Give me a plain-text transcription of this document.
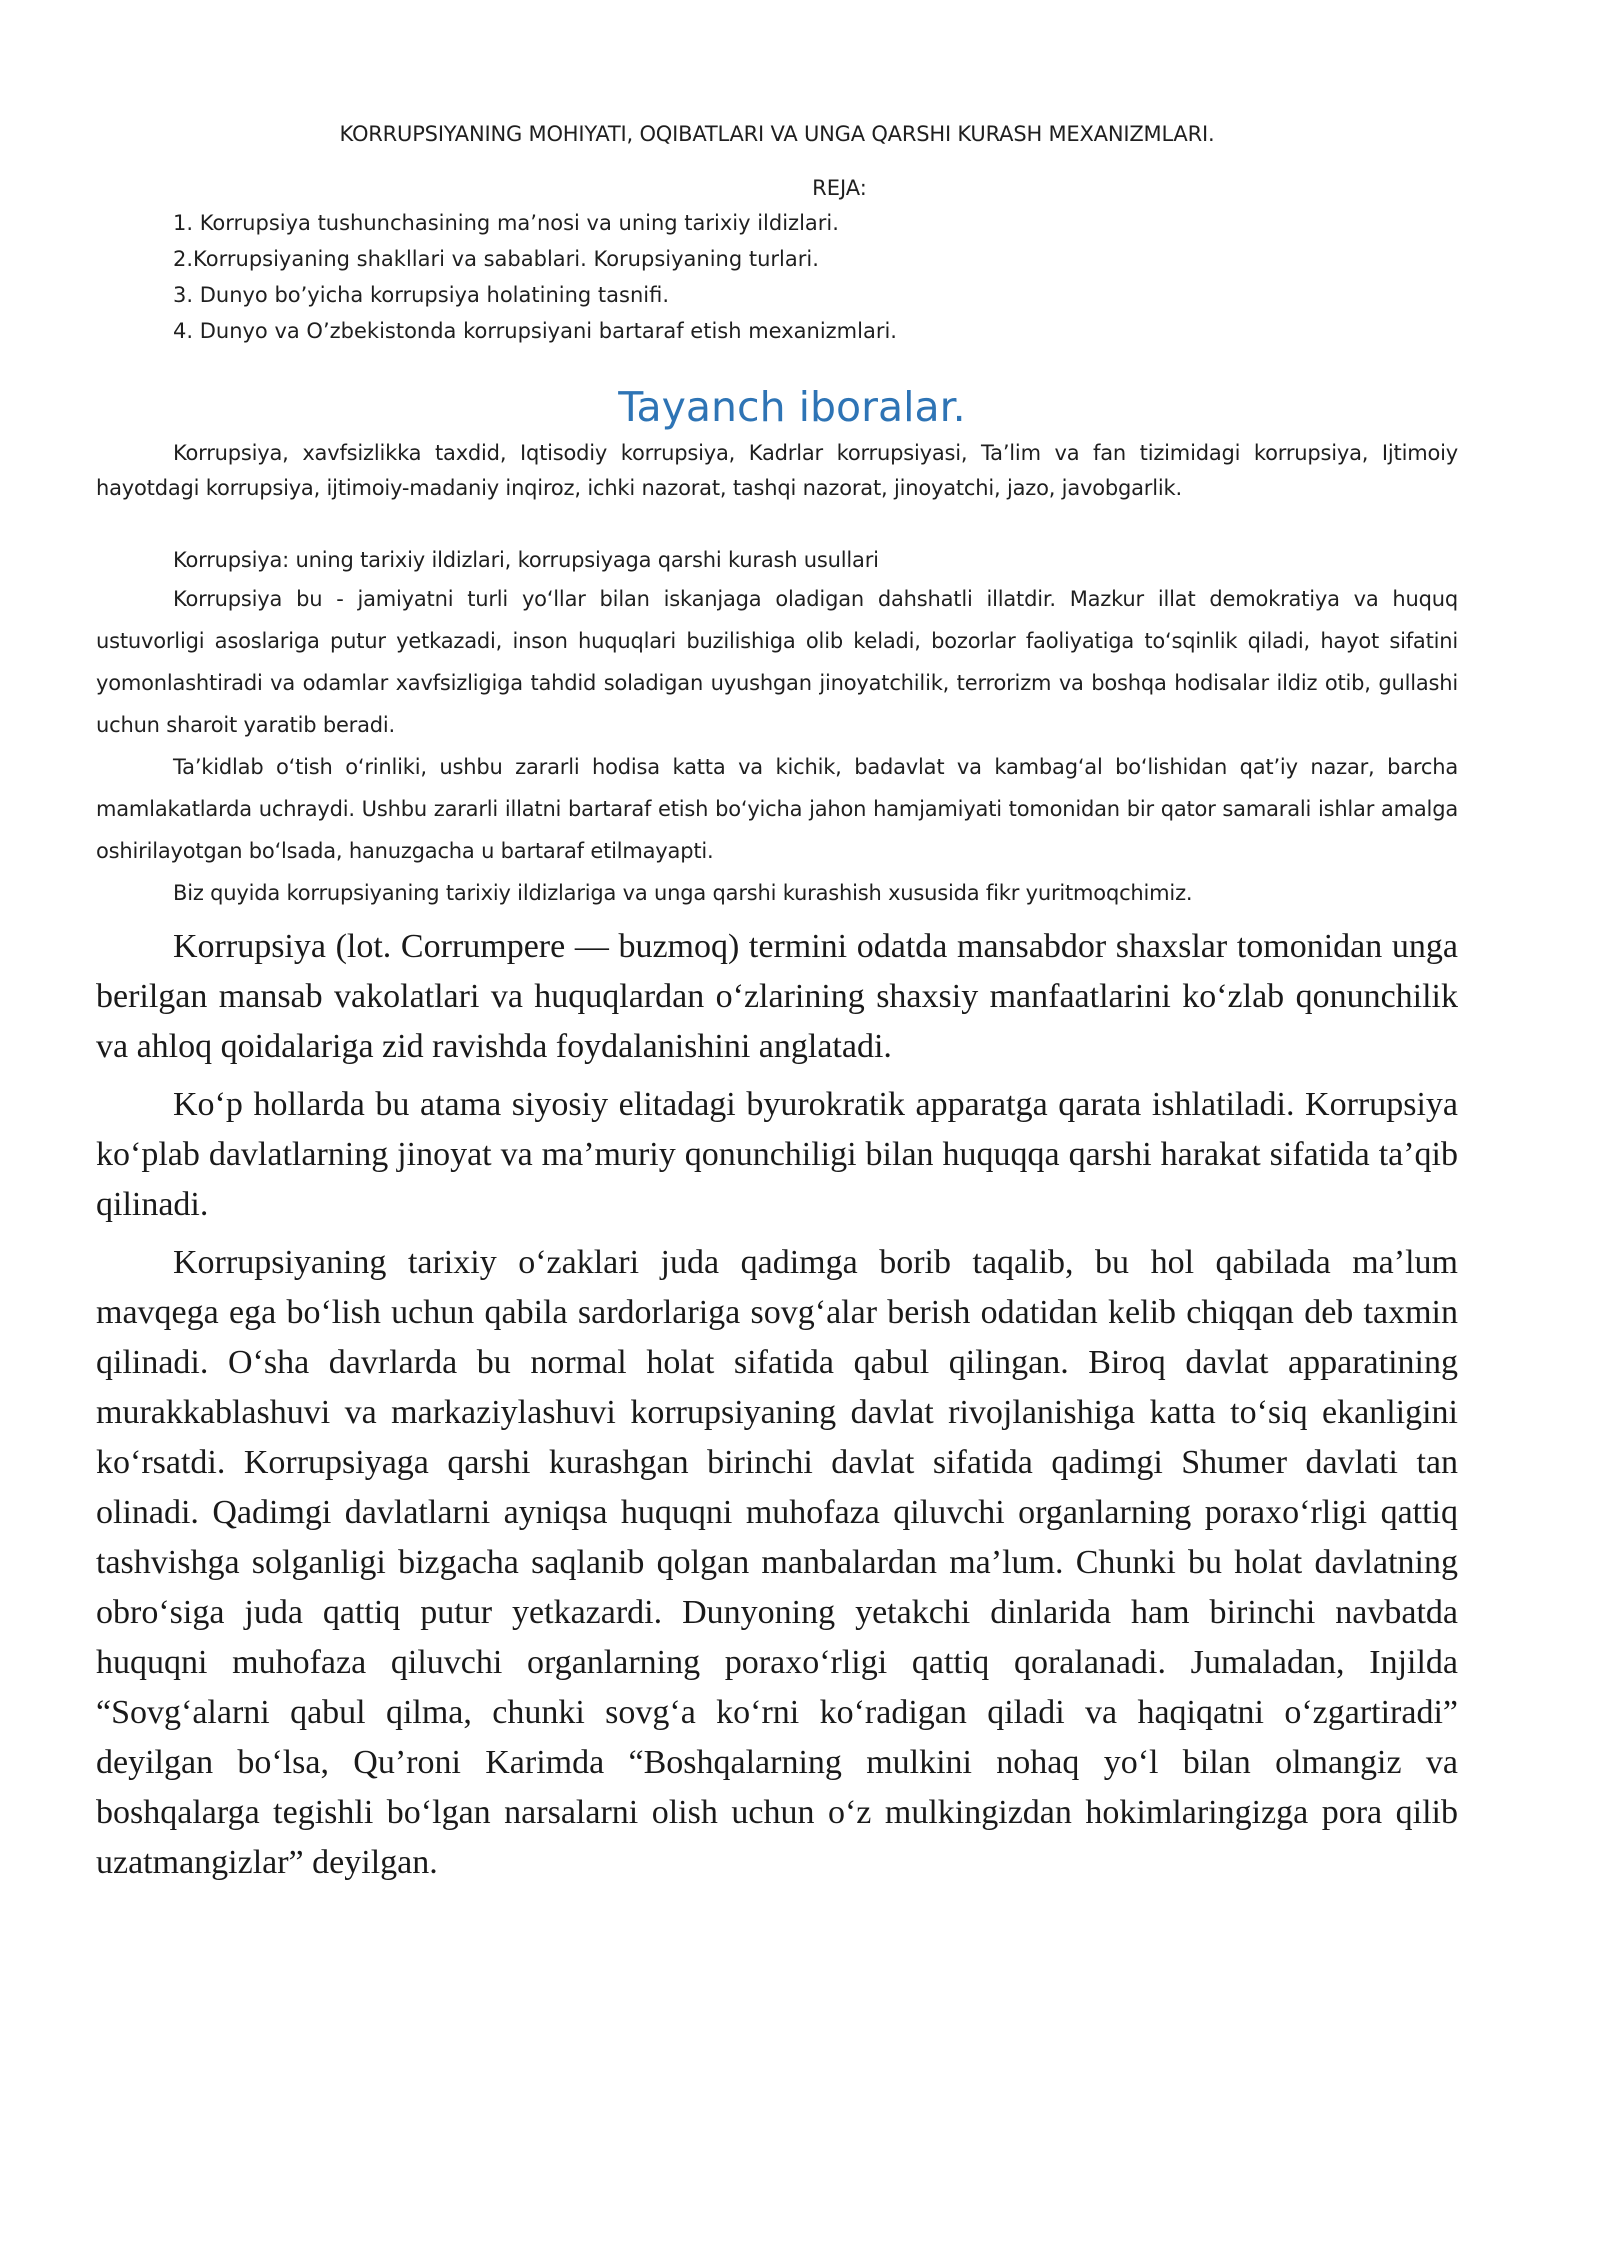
KORRUPSIYANING MOHIYATI, OQIBATLARI VA UNGA QARSHI KURASH MEXANIZMLARI.
REJA:
1. Korrupsiya tushunchasining ma’nosi va uning tarixiy ildizlari.
2.Korrupsiyaning shakllari va sabablari. Korupsiyaning turlari.
3. Dunyo bo’yicha korrupsiya holatining tasnifi.
4. Dunyo va O’zbekistonda korrupsiyani bartaraf etish mexanizmlari.
Tayanch iboralar.

Korrupsiya, xavfsizlikka taxdid, Iqtisodiy korrupsiya, Kadrlar korrupsiyasi, Ta’lim va fan tizimidagi korrupsiya, Ijtimoiy hayotdagi korrupsiya, ijtimoiy-madaniy inqiroz, ichki nazorat, tashqi nazorat, jinoyatchi, jazo, javobgarlik.

Korrupsiya: uning tarixiy ildizlari, korrupsiyaga qarshi kurash usullari

Korrupsiya bu - jamiyatni turli yo‘llar bilan iskanjaga oladigan dahshatli illatdir. Mazkur illat demokratiya va huquq ustuvorligi asoslariga putur yetkazadi, inson huquqlari buzilishiga olib keladi, bozorlar faoliyatiga to‘sqinlik qiladi, hayot sifatini yomonlashtiradi va odamlar xavfsizligiga tahdid soladigan uyushgan jinoyatchilik, terrorizm va boshqa hodisalar ildiz otib, gullashi uchun sharoit yaratib beradi.

Ta’kidlab o‘tish o‘rinliki, ushbu zararli hodisa katta va kichik, badavlat va kambag‘al bo‘lishidan qat’iy nazar, barcha mamlakatlarda uchraydi. Ushbu zararli illatni bartaraf etish bo‘yicha jahon hamjamiyati tomonidan bir qator samarali ishlar amalga oshirilayotgan bo‘lsada, hanuzgacha u bartaraf etilmayapti.

Biz quyida korrupsiyaning tarixiy ildizlariga va unga qarshi kurashish xususida fikr yuritmoqchimiz.

Korrupsiya (lot. Corrumpere — buzmoq) termini odatda mansabdor shaxslar tomonidan unga berilgan mansab vakolatlari va huquqlardan o‘zlarining shaxsiy manfaatlarini ko‘zlab qonunchilik va ahloq qoidalariga zid ravishda foydalanishini anglatadi.

Ko‘p hollarda bu atama siyosiy elitadagi byurokratik apparatga qarata ishlatiladi. Korrupsiya ko‘plab davlatlarning jinoyat va ma’muriy qonunchiligi bilan huquqqa qarshi harakat sifatida ta’qib qilinadi.

Korrupsiyaning tarixiy o‘zaklari juda qadimga borib taqalib, bu hol qabilada ma’lum mavqega ega bo‘lish uchun qabila sardorlariga sovg‘alar berish odatidan kelib chiqqan deb taxmin qilinadi. O‘sha davrlarda bu normal holat sifatida qabul qilingan. Biroq davlat apparatining murakkablashuvi va markaziylashuvi korrupsiyaning davlat rivojlanishiga katta to‘siq ekanligini ko‘rsatdi. Korrupsiyaga qarshi kurashgan birinchi davlat sifatida qadimgi Shumer davlati tan olinadi. Qadimgi davlatlarni ayniqsa huquqni muhofaza qiluvchi organlarning poraxo‘rligi qattiq tashvishga solganligi bizgacha saqlanib qolgan manbalardan ma’lum. Chunki bu holat davlatning obro‘siga juda qattiq putur yetkazardi. Dunyoning yetakchi dinlarida ham birinchi navbatda huquqni muhofaza qiluvchi organlarning poraxo‘rligi qattiq qoralanadi. Jumaladan, Injilda “Sovg‘alarni qabul qilma, chunki sovg‘a ko‘rni ko‘radigan qiladi va haqiqatni o‘zgartiradi” deyilgan bo‘lsa, Qu’roni Karimda “Boshqalarning mulkini nohaq yo‘l bilan olmangiz va boshqalarga tegishli bo‘lgan narsalarni olish uchun o‘z mulkingizdan hokimlaringizga pora qilib uzatmangizlar” deyilgan.
